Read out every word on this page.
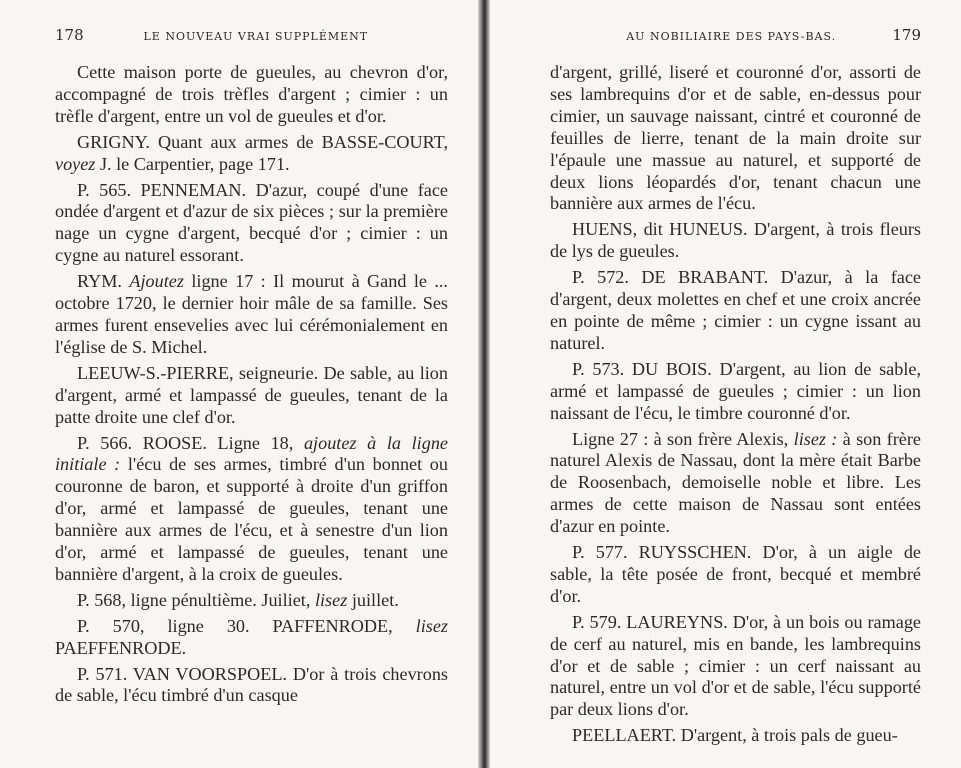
178	LE NOUVEAU VRAI SUPPLÉMENT

Cette maison porte de gueules, au chevron d'or, accompagné de trois trèfles d'argent ; cimier : un trèfle d'argent, entre un vol de gueules et d'or.

GRIGNY. Quant aux armes de BASSE-COURT, voyez J. le Carpentier, page 171.

P. 565. PENNEMAN. D'azur, coupé d'une face ondée d'argent et d'azur de six pièces ; sur la première nage un cygne d'argent, becqué d'or ; cimier : un cygne au naturel essorant.

RYM. Ajoutez ligne 17 : Il mourut à Gand le ... octobre 1720, le dernier hoir mâle de sa famille. Ses armes furent ensevelies avec lui cérémonialement en l'église de S. Michel.

LEEUW-S.-PIERRE, seigneurie. De sable, au lion d'argent, armé et lampassé de gueules, tenant de la patte droite une clef d'or.

P. 566. ROOSE. Ligne 18, ajoutez à la ligne initiale : l'écu de ses armes, timbré d'un bonnet ou couronne de baron, et supporté à droite d'un griffon d'or, armé et lampassé de gueules, tenant une bannière aux armes de l'écu, et à senestre d'un lion d'or, armé et lampassé de gueules, tenant une bannière d'argent, à la croix de gueules.

P. 568, ligne pénultième. Juiliet, lisez juillet.

P. 570, ligne 30. PAFFENRODE, lisez PAEFFENRODE.

P. 571. VAN VOORSPOEL. D'or à trois chevrons de sable, l'écu timbré d'un casque

AU NOBILIAIRE DES PAYS-BAS.	179

d'argent, grillé, liseré et couronné d'or, assorti de ses lambrequins d'or et de sable, en-dessus pour cimier, un sauvage naissant, cintré et couronné de feuilles de lierre, tenant de la main droite sur l'épaule une massue au naturel, et supporté de deux lions léopardés d'or, tenant chacun une bannière aux armes de l'écu.

HUENS, dit HUNEUS. D'argent, à trois fleurs de lys de gueules.

P. 572. DE BRABANT. D'azur, à la face d'argent, deux molettes en chef et une croix ancrée en pointe de même ; cimier : un cygne issant au naturel.

P. 573. DU BOIS. D'argent, au lion de sable, armé et lampassé de gueules ; cimier : un lion naissant de l'écu, le timbre couronné d'or.

Ligne 27 : à son frère Alexis, lisez : à son frère naturel Alexis de Nassau, dont la mère était Barbe de Roosenbach, demoiselle noble et libre. Les armes de cette maison de Nassau sont entées d'azur en pointe.

P. 577. RUYSSCHEN. D'or, à un aigle de sable, la tête posée de front, becqué et membré d'or.

P. 579. LAUREYNS. D'or, à un bois ou ramage de cerf au naturel, mis en bande, les lambrequins d'or et de sable ; cimier : un cerf naissant au naturel, entre un vol d'or et de sable, l'écu supporté par deux lions d'or.

PEELLAERT. D'argent, à trois pals de gueu-
